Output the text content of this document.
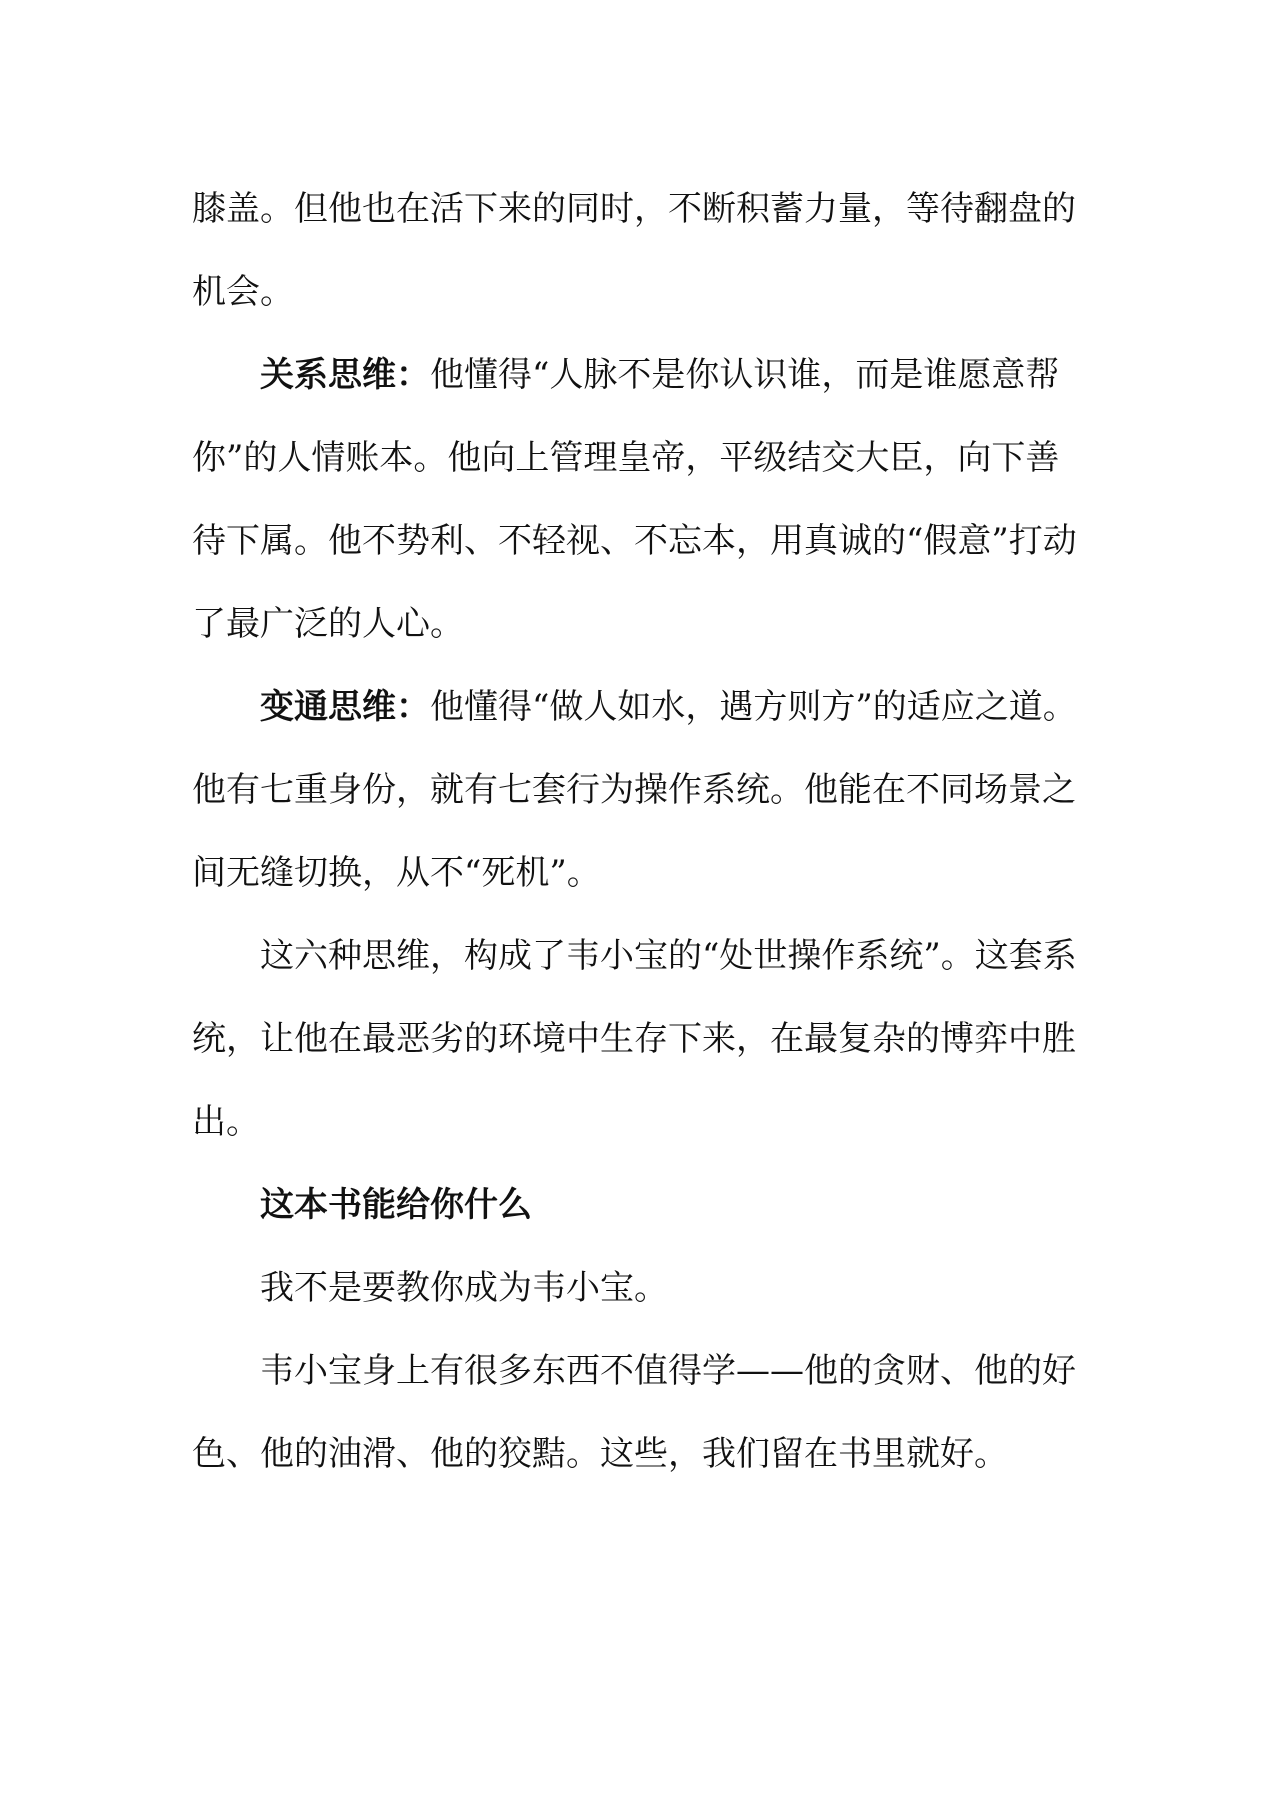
膝盖。但他也在活下来的同时，不断积蓄力量，等待翻盘的机会。

关系思维：他懂得“人脉不是你认识谁，而是谁愿意帮你”的人情账本。他向上管理皇帝，平级结交大臣，向下善待下属。他不势利、不轻视、不忘本，用真诚的“假意”打动了最广泛的人心。

变通思维：他懂得“做人如水，遇方则方”的适应之道。他有七重身份，就有七套行为操作系统。他能在不同场景之间无缝切换，从不“死机”。

这六种思维，构成了韦小宝的“处世操作系统”。这套系统，让他在最恶劣的环境中生存下来，在最复杂的博弈中胜出。

这本书能给你什么

我不是要教你成为韦小宝。

韦小宝身上有很多东西不值得学——他的贪财、他的好色、他的油滑、他的狡黠。这些，我们留在书里就好。
